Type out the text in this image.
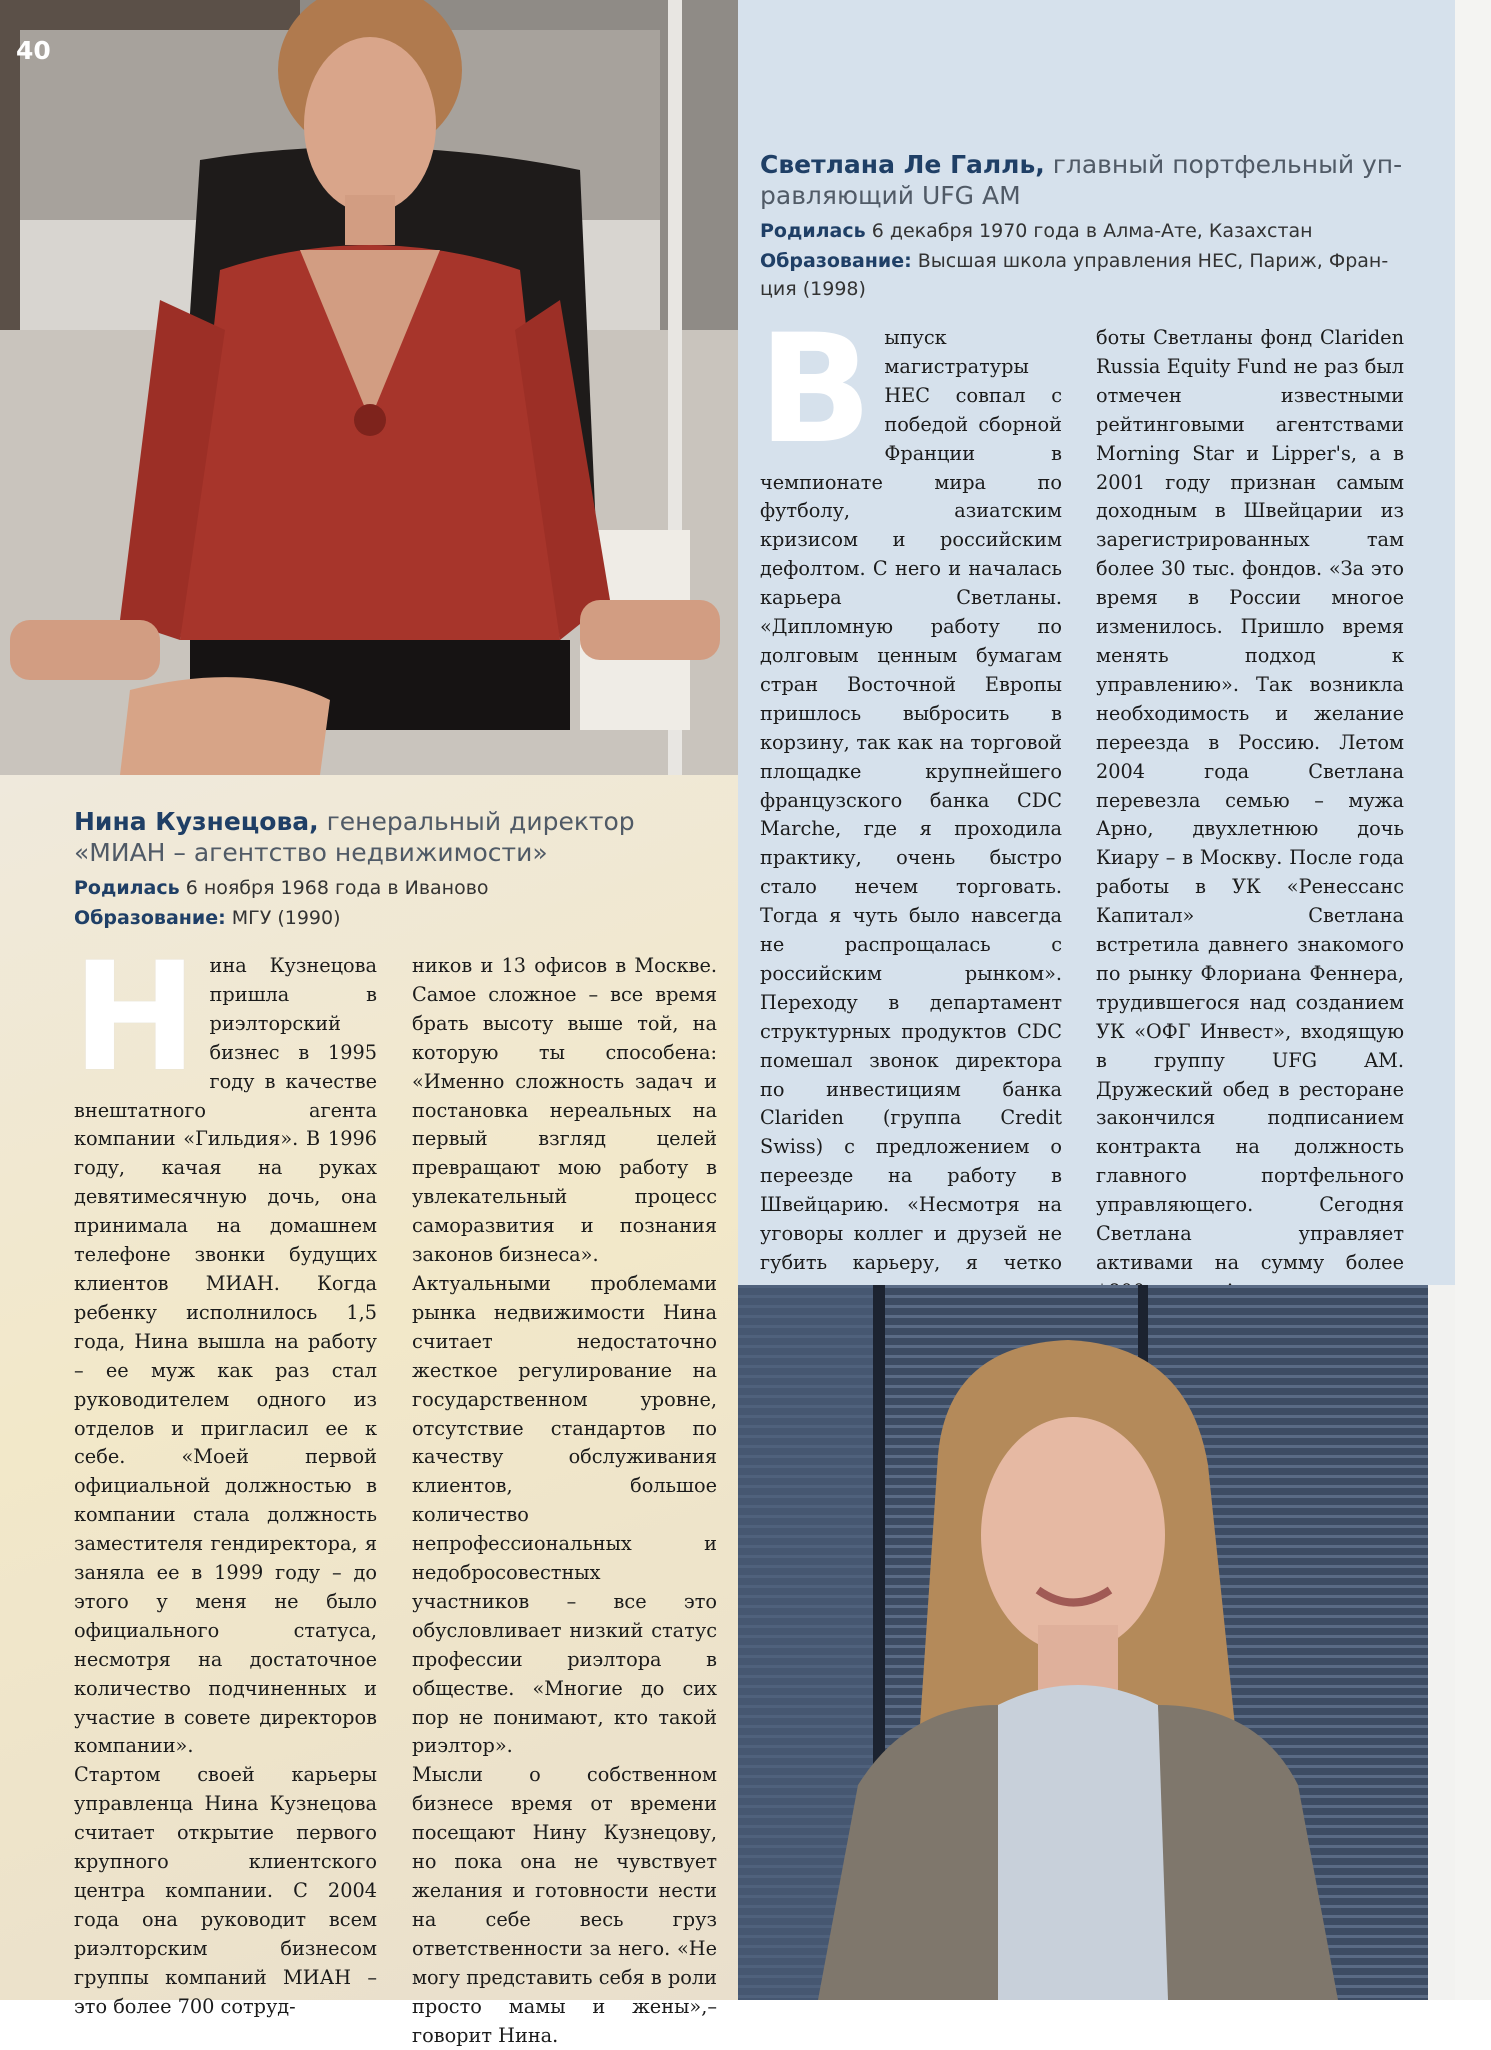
40
Нина Кузнецова, генеральный директор
«МИАН – агентство недвижимости»
Родилась 6 ноября 1968 года в Иваново
Образование: МГУ (1990)
Н ина Кузнецова пришла в риэлторский бизнес в 1995 году в качестве внештатного агента компании «Гильдия». В 1996 году, качая на руках девятимесячную дочь, она принимала на домашнем телефоне звонки будущих клиентов МИАН. Когда ребенку исполнилось 1,5 года, Нина вышла на работу – ее муж как раз стал руководителем одного из отделов и пригласил ее к себе. «Моей первой официальной должностью в компании стала должность заместителя гендиректора, я заняла ее в 1999 году – до этого у меня не было официального статуса, несмотря на достаточное количество подчиненных и участие в совете директоров компании».

Стартом своей карьеры управленца Нина Кузнецова считает открытие первого крупного клиентского центра компании. С 2004 года она руководит всем риэлторским бизнесом группы компаний МИАН – это более 700 сотруд-

ников и 13 офисов в Москве. Самое сложное – все время брать высоту выше той, на которую ты способена: «Именно сложность задач и постановка нереальных на первый взгляд целей превращают мою работу в увлекательный процесс саморазвития и познания законов бизнеса».

Актуальными проблемами рынка недвижимости Нина считает недостаточно жесткое регулирование на государственном уровне, отсутствие стандартов по качеству обслуживания клиентов, большое количество непрофессиональных и недобросовестных участников – все это обусловливает низкий статус профессии риэлтора в обществе. «Многие до сих пор не понимают, кто такой риэлтор».

Мысли о собственном бизнесе время от времени посещают Нину Кузнецову, но пока она не чувствует желания и готовности нести на себе весь груз ответственности за него. «Не могу представить себя в роли просто мамы и жены»,– говорит Нина.

Светлана Ле Галль, главный портфельный уп-
равляющий UFG AM
Родилась 6 декабря 1970 года в Алма-Ате, Казахстан
Образование: Высшая школа управления HEC, Париж, Фран-
ция (1998)
В ыпуск магистратуры HEC совпал с победой сборной Франции в чемпионате мира по футболу, азиатским кризисом и российским дефолтом. С него и началась карьера Светланы. «Дипломную работу по долговым ценным бумагам стран Восточной Европы пришлось выбросить в корзину, так как на торговой площадке крупнейшего французского банка CDC Marche, где я проходила практику, очень быстро стало нечем торговать. Тогда я чуть было навсегда не распрощалась с российским рынком». Переходу в департамент структурных продуктов CDC помешал звонок директора по инвестициям банка Clariden (группа Credit Swiss) с предложением о переезде на работу в Швейцарию. «Несмотря на уговоры коллег и друзей не губить карьеру, я четко

боты Светланы фонд Clariden Russia Equity Fund не раз был отмечен известными рейтинговыми агентствами Morning Star и Lipper's, а в 2001 году признан самым доходным в Швейцарии из зарегистрированных там более 30 тыс. фондов. «За это время в России многое изменилось. Пришло время менять подход к управлению». Так возникла необходимость и желание переезда в Россию. Летом 2004 года Светлана перевезла семью – мужа Арно, двухлетнюю дочь Киару – в Москву. После года работы в УК «Ренессанс Капитал» Светлана встретила давнего знакомого по рынку Флориана Феннера, трудившегося над созданием УК «ОФГ Инвест», входящую в группу UFG AM. Дружеский обед в ресторане закончился подписанием контракта на должность главного портфельного управляющего. Сегодня Светлана управляет активами на сумму более
